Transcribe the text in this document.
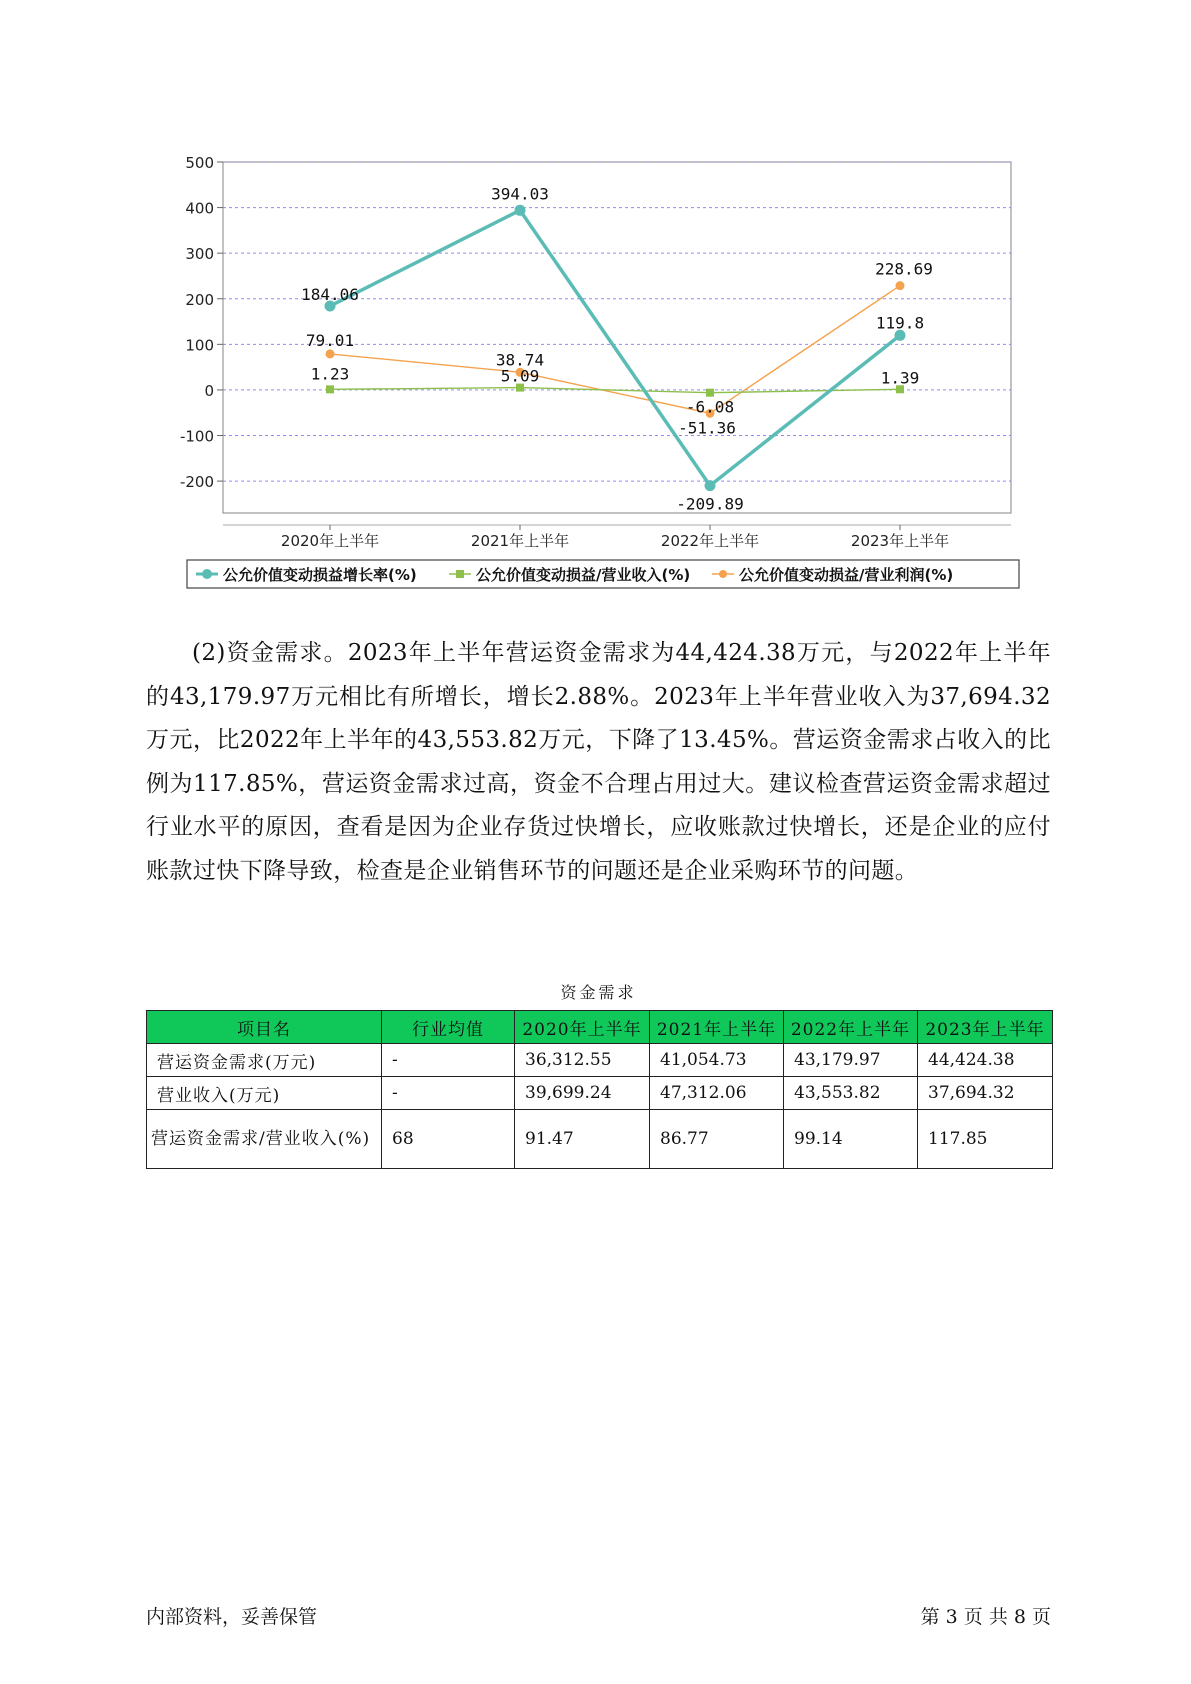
500
400
300
200
100
0
-100
-200
2020年上半年	2021年上半年	2022年上半年	2023年上半年
184.06
394.03
-209.89
119.8
1.23	5.09
-6.08
1.39
79.01
38.74
-51.36
228.69
公允价值变动损益增长率(%)	公允价值变动损益/营业收入(%)	公允价值变动损益/营业利润(%)

(2)资金需求。2023年上半年营运资金需求为44,424.38万元，与2022年上半年的43,179.97万元相比有所增长，增长2.88%。2023年上半年营业收入为37,694.32万元，比2022年上半年的43,553.82万元，下降了13.45%。营运资金需求占收入的比例为117.85%，营运资金需求过高，资金不合理占用过大。建议检查营运资金需求超过行业水平的原因，查看是因为企业存货过快增长，应收账款过快增长，还是企业的应付账款过快下降导致，检查是企业销售环节的问题还是企业采购环节的问题。

资金需求
项目名	行业均值	2020年上半年	2021年上半年	2022年上半年	2023年上半年
营运资金需求(万元)	-	36,312.55	41,054.73	43,179.97	44,424.38
营业收入(万元)	-	39,699.24	47,312.06	43,553.82	37,694.32
营运资金需求/营业收入(%)	68	91.47	86.77	99.14	117.85
内部资料，妥善保管	第 3 页 共 8 页
